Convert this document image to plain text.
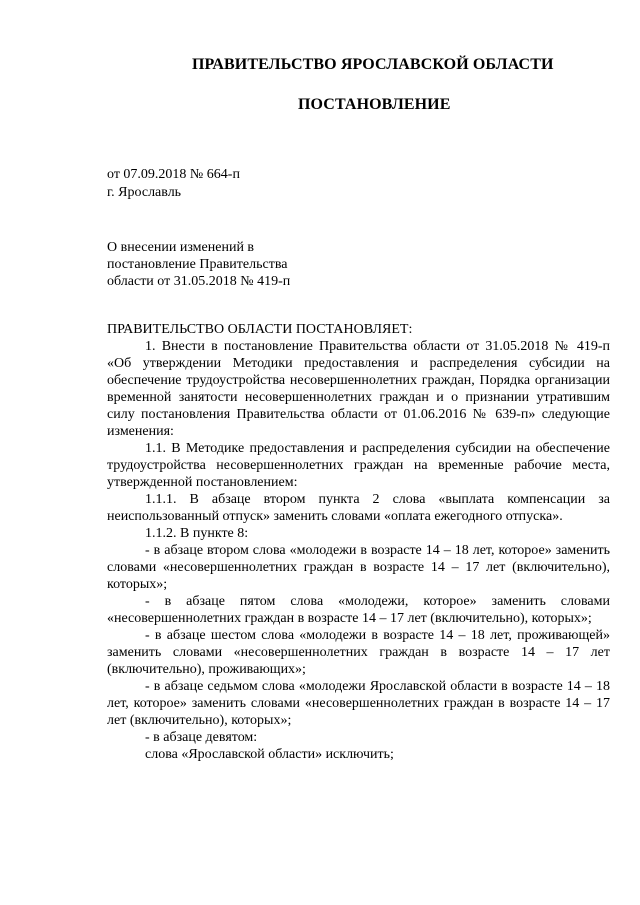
ПРАВИТЕЛЬСТВО ЯРОСЛАВСКОЙ ОБЛАСТИ
ПОСТАНОВЛЕНИЕ
от 07.09.2018 № 664-п
г. Ярославль
О внесении изменений в
постановление Правительства
области от 31.05.2018 № 419-п

ПРАВИТЕЛЬСТВО ОБЛАСТИ ПОСТАНОВЛЯЕТ:

1. Внести в постановление Правительства области от 31.05.2018 № 419-п «Об утверждении Методики предоставления и распределения субсидии на обеспечение трудоустройства несовершеннолетних граждан, Порядка организации временной занятости несовершеннолетних граждан и о признании утратившим силу постановления Правительства области от 01.06.2016 № 639-п» следующие изменения:

1.1. В Методике предоставления и распределения субсидии на обеспечение трудоустройства несовершеннолетних граждан на временные рабочие места, утвержденной постановлением:

1.1.1. В абзаце втором пункта 2 слова «выплата компенсации за неиспользованный отпуск» заменить словами «оплата ежегодного отпуска».

1.1.2. В пункте 8:

- в абзаце втором слова «молодежи в возрасте 14 – 18 лет, которое» заменить словами «несовершеннолетних граждан в возрасте 14 – 17 лет (включительно), которых»;

- в абзаце пятом слова «молодежи, которое» заменить словами «несовершеннолетних граждан в возрасте 14 – 17 лет (включительно), которых»;

- в абзаце шестом слова «молодежи в возрасте 14 – 18 лет, проживающей» заменить словами «несовершеннолетних граждан в возрасте 14 – 17 лет (включительно), проживающих»;

- в абзаце седьмом слова «молодежи Ярославской области в возрасте 14 – 18 лет, которое» заменить словами «несовершеннолетних граждан в возрасте 14 – 17 лет (включительно), которых»;

- в абзаце девятом:

слова «Ярославской области» исключить;
